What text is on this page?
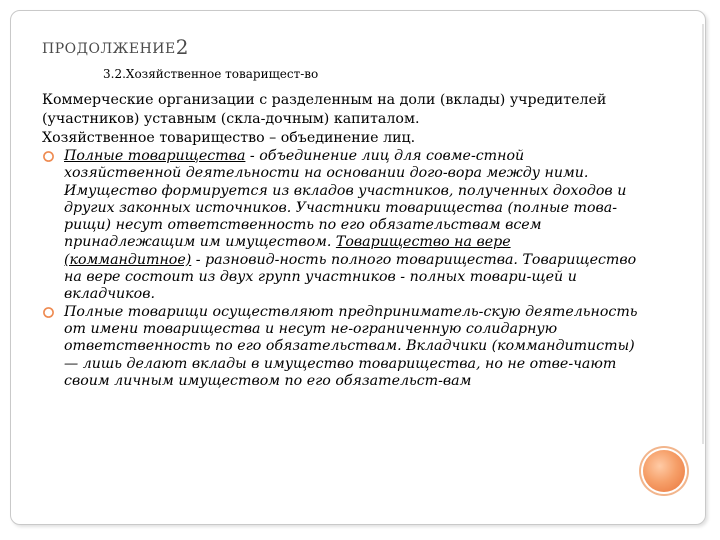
ПРОДОЛЖЕНИЕ2
3.2.Хозяйственное товарищест-во

Коммерческие организации с разделенным на доли (вклады) учредителей (участников) уставным (скла-дочным) капиталом.

Хозяйственное товарищество – объединение лиц.

Полные товарищества - объединение лиц для совме-стной хозяйственной деятельности на основании дого-вора между ними. Имущество формируется из вкладов участников, полученных доходов и других законных источников. Участники товарищества (полные това-рищи) несут ответственность по его обязательствам всем принадлежащим им имуществом. Товарищество на вере (коммандитное) - разновид-ность полного товарищества. Товарищество на вере состоит из двух групп участников - полных товари-щей и вкладчиков.

Полные товарищи осуществляют предприниматель-скую деятельность от имени товарищества и несут не-ограниченную солидарную ответственность по его обязательствам. Вкладчики (коммандитисты) — лишь делают вклады в имущество товарищества, но не отве-чают своим личным имуществом по его обязательст-вам
